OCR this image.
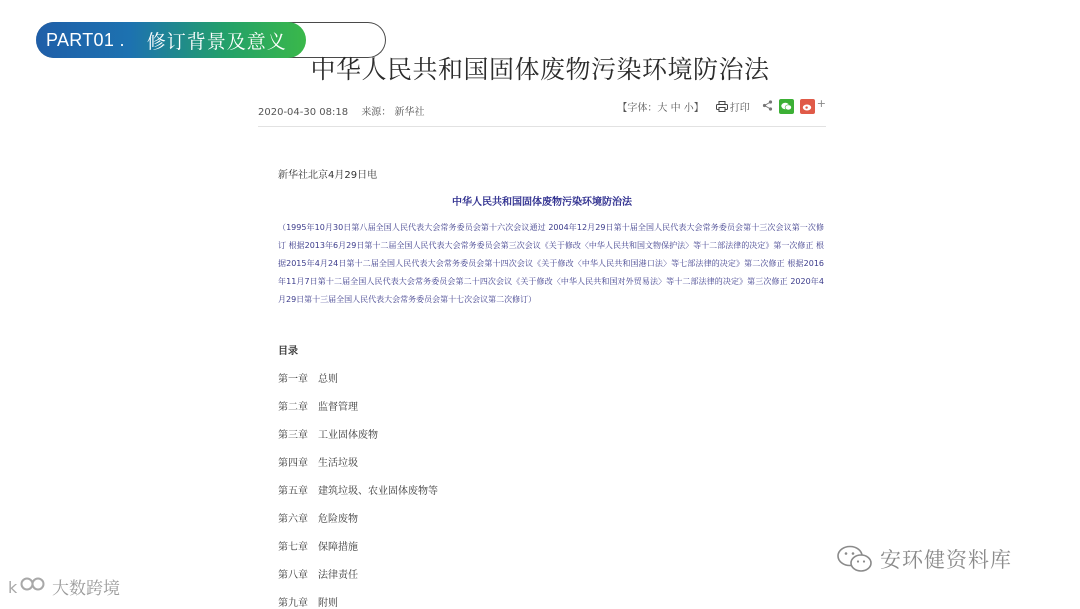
PART01 . 修订背景及意义
中华人民共和国固体废物污染环境防治法
2020-04-30 08:18 来源： 新华社	【字体：大 中 小】	打印	+
新华社北京4月29日电
中华人民共和国固体废物污染环境防治法
（1995年10月30日第八届全国人民代表大会常务委员会第十六次会议通过 2004年12月29日第十届全国人民代表大会常务委员会第十三次会议第一次修订 根据2013年6月29日第十二届全国人民代表大会常务委员会第三次会议《关于修改〈中华人民共和国文物保护法〉等十二部法律的决定》第一次修正 根据2015年4月24日第十二届全国人民代表大会常务委员会第十四次会议《关于修改〈中华人民共和国港口法〉等七部法律的决定》第二次修正 根据2016年11月7日第十二届全国人民代表大会常务委员会第二十四次会议《关于修改〈中华人民共和国对外贸易法〉等十二部法律的决定》第三次修正 2020年4月29日第十三届全国人民代表大会常务委员会第十七次会议第二次修订）
目录
第一章 总则
第二章 监督管理
第三章 工业固体废物
第四章 生活垃圾
第五章 建筑垃圾、农业固体废物等
第六章 危险废物
第七章 保障措施
第八章 法律责任
第九章 附则
k 大数跨境
安环健资料库
